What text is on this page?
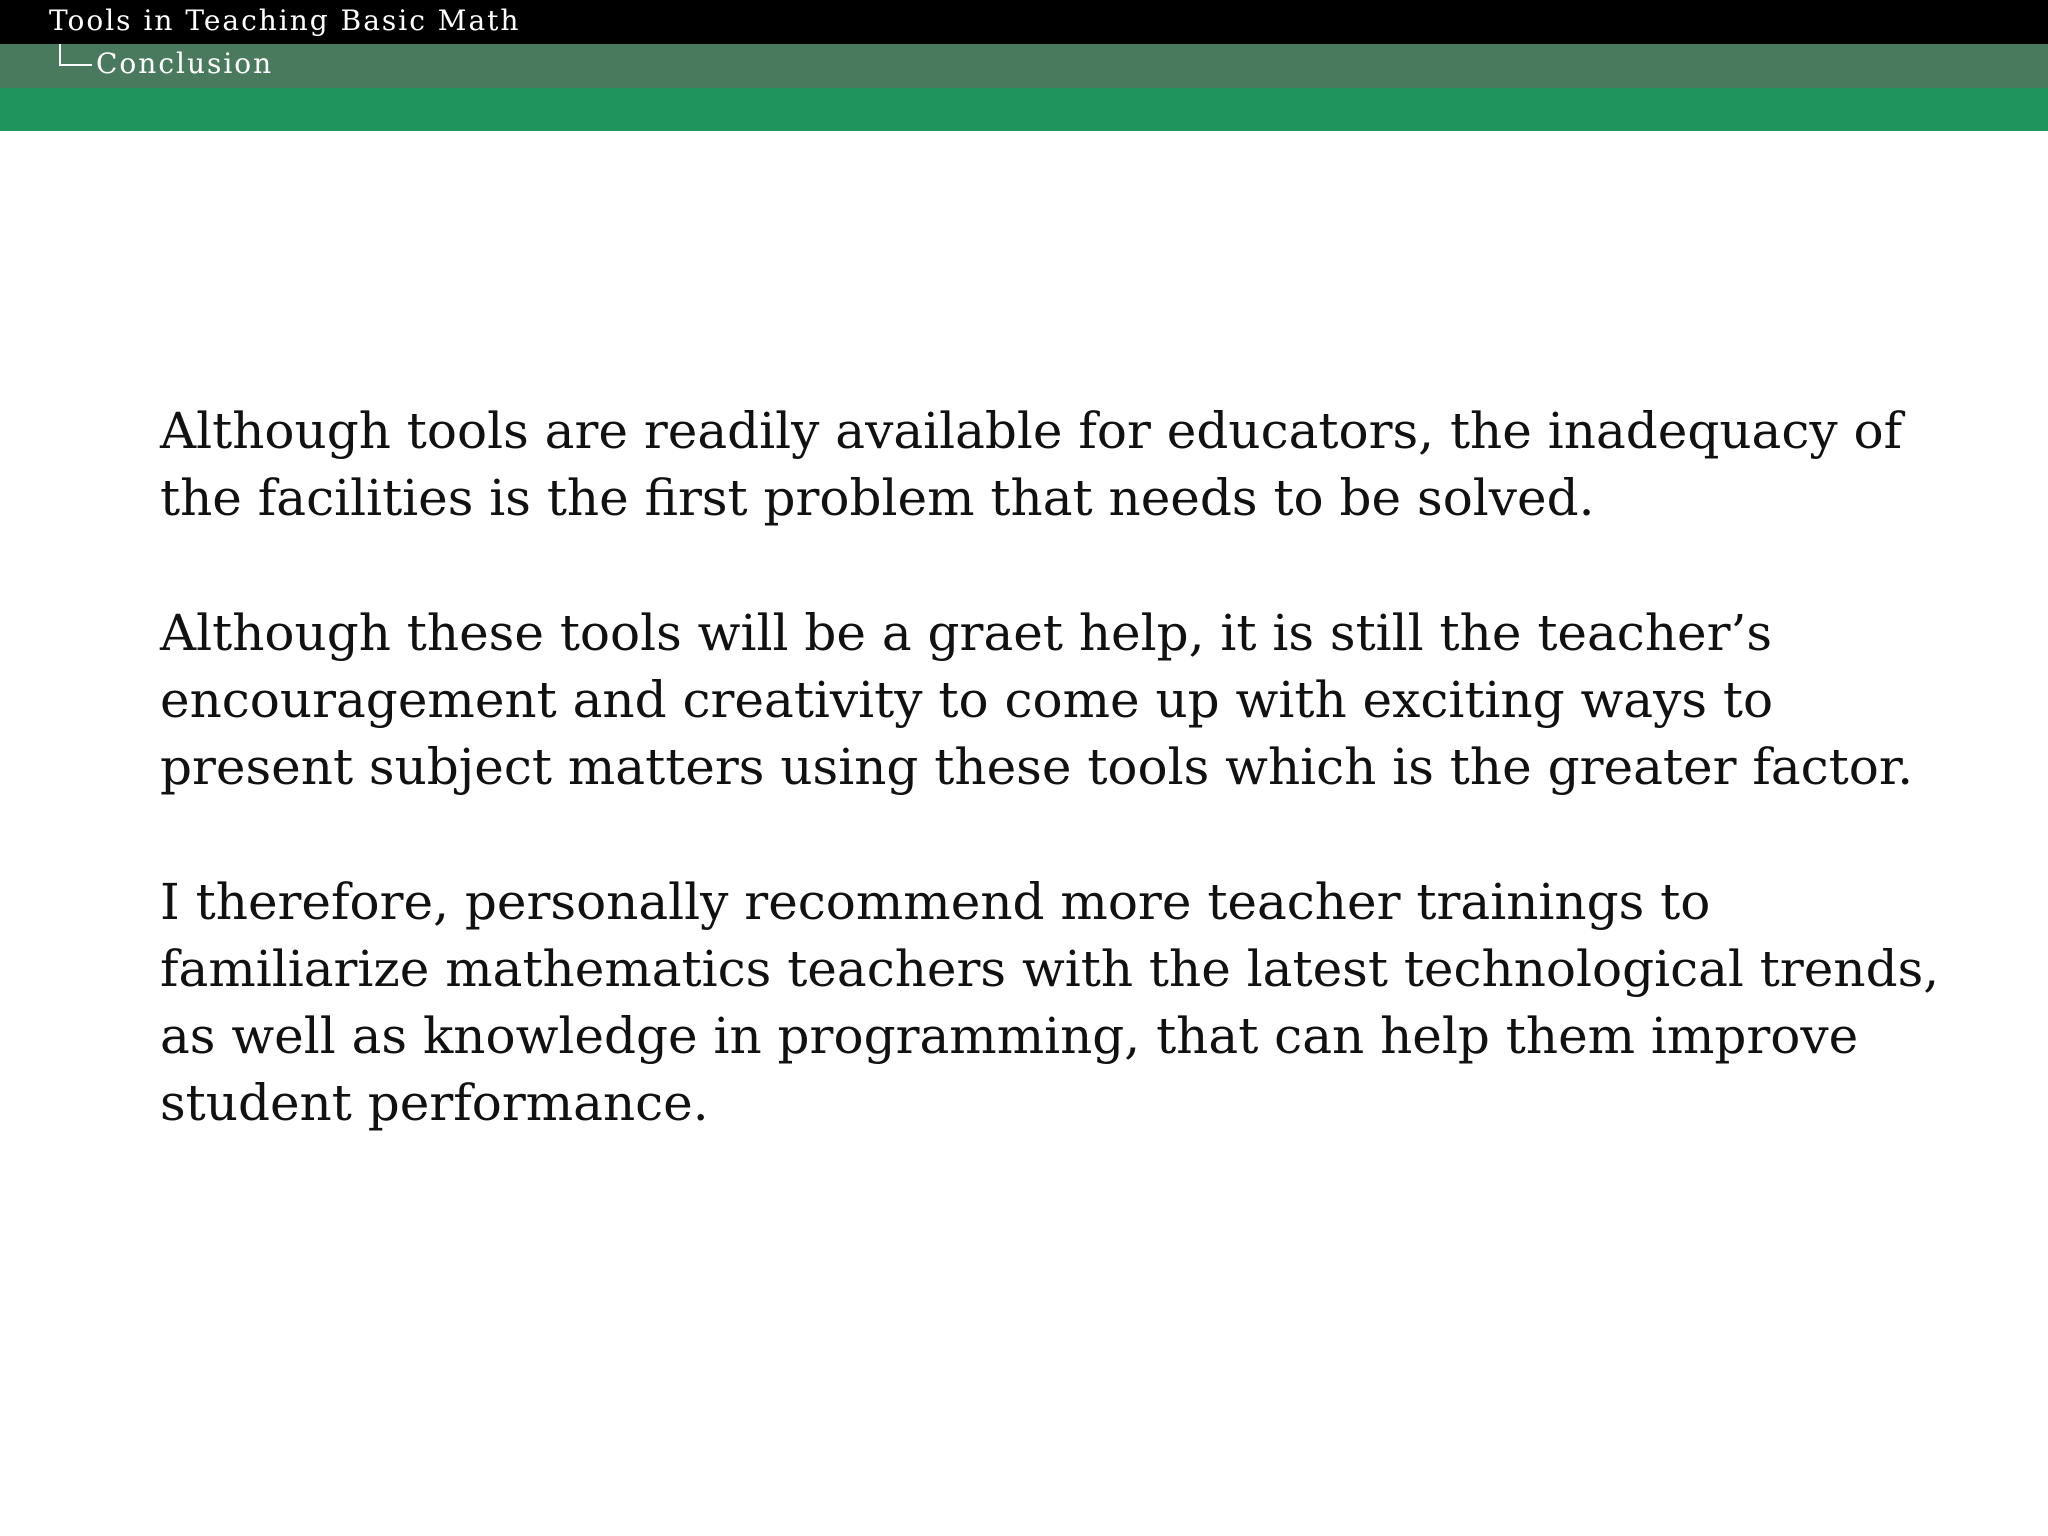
Tools in Teaching Basic Math
Conclusion

Although tools are readily available for educators, the inadequacy of
the facilities is the first problem that needs to be solved.

Although these tools will be a graet help, it is still the teacher’s
encouragement and creativity to come up with exciting ways to
present subject matters using these tools which is the greater factor.

I therefore, personally recommend more teacher trainings to
familiarize mathematics teachers with the latest technological trends,
as well as knowledge in programming, that can help them improve
student performance.
